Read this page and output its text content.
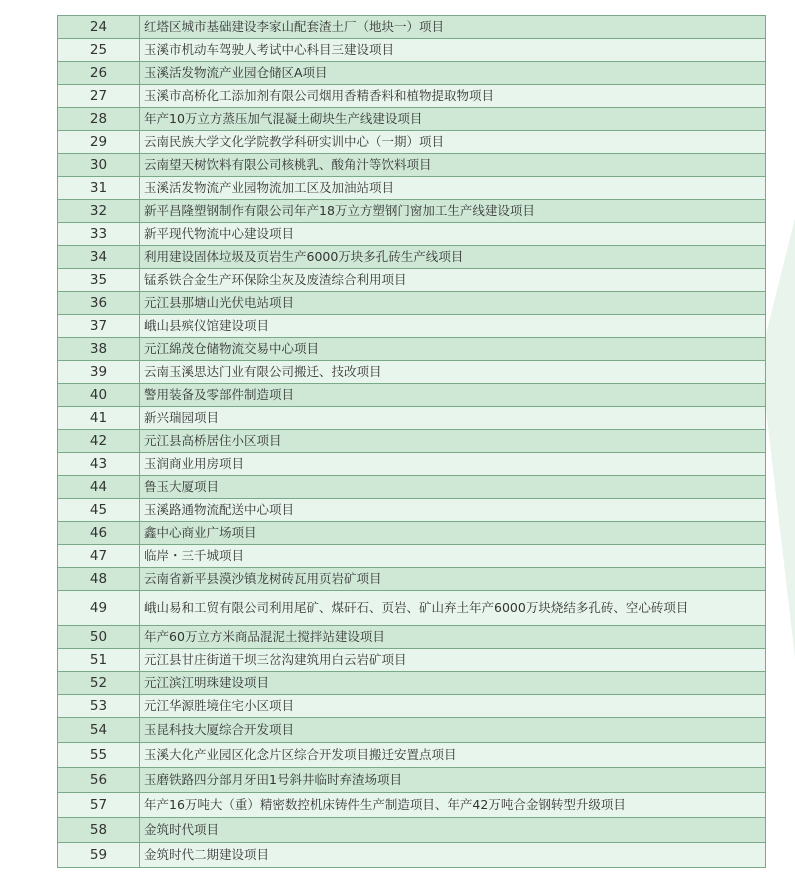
24	红塔区城市基础建设李家山配套渣土厂（地块一）项目
25	玉溪市机动车驾驶人考试中心科目三建设项目
26	玉溪活发物流产业园仓储区A项目
27	玉溪市高桥化工添加剂有限公司烟用香精香料和植物提取物项目
28	年产10万立方蒸压加气混凝土砌块生产线建设项目
29	云南民族大学文化学院教学科研实训中心（一期）项目
30	云南望天树饮料有限公司核桃乳、酸角汁等饮料项目
31	玉溪活发物流产业园物流加工区及加油站项目
32	新平昌隆塑钢制作有限公司年产18万立方塑钢门窗加工生产线建设项目
33	新平现代物流中心建设项目
34	利用建设固体垃圾及页岩生产6000万块多孔砖生产线项目
35	锰系铁合金生产环保除尘灰及废渣综合利用项目
36	元江县那塘山光伏电站项目
37	峨山县殡仪馆建设项目
38	元江綿茂仓储物流交易中心项目
39	云南玉溪思达门业有限公司搬迁、技改项目
40	警用装备及零部件制造项目
41	新兴瑞园项目
42	元江县高桥居住小区项目
43	玉润商业用房项目
44	鲁玉大厦项目
45	玉溪路通物流配送中心项目
46	鑫中心商业广场项目
47	临岸・三千城项目
48	云南省新平县漠沙镇龙树砖瓦用页岩矿项目
49	峨山易和工贸有限公司利用尾矿、煤矸石、页岩、矿山弃土年产6000万块烧结多孔砖、空心砖项目
50	年产60万立方米商品混泥土搅拌站建设项目
51	元江县甘庄街道干坝三岔沟建筑用白云岩矿项目
52	元江滨江明珠建设项目
53	元江华源胜境住宅小区项目
54	玉昆科技大厦综合开发项目
55	玉溪大化产业园区化念片区综合开发项目搬迁安置点项目
56	玉磨铁路四分部月牙田1号斜井临时弃渣场项目
57	年产16万吨大（重）精密数控机床铸件生产制造项目、年产42万吨合金钢转型升级项目
58	金筑时代项目
59	金筑时代二期建设项目
